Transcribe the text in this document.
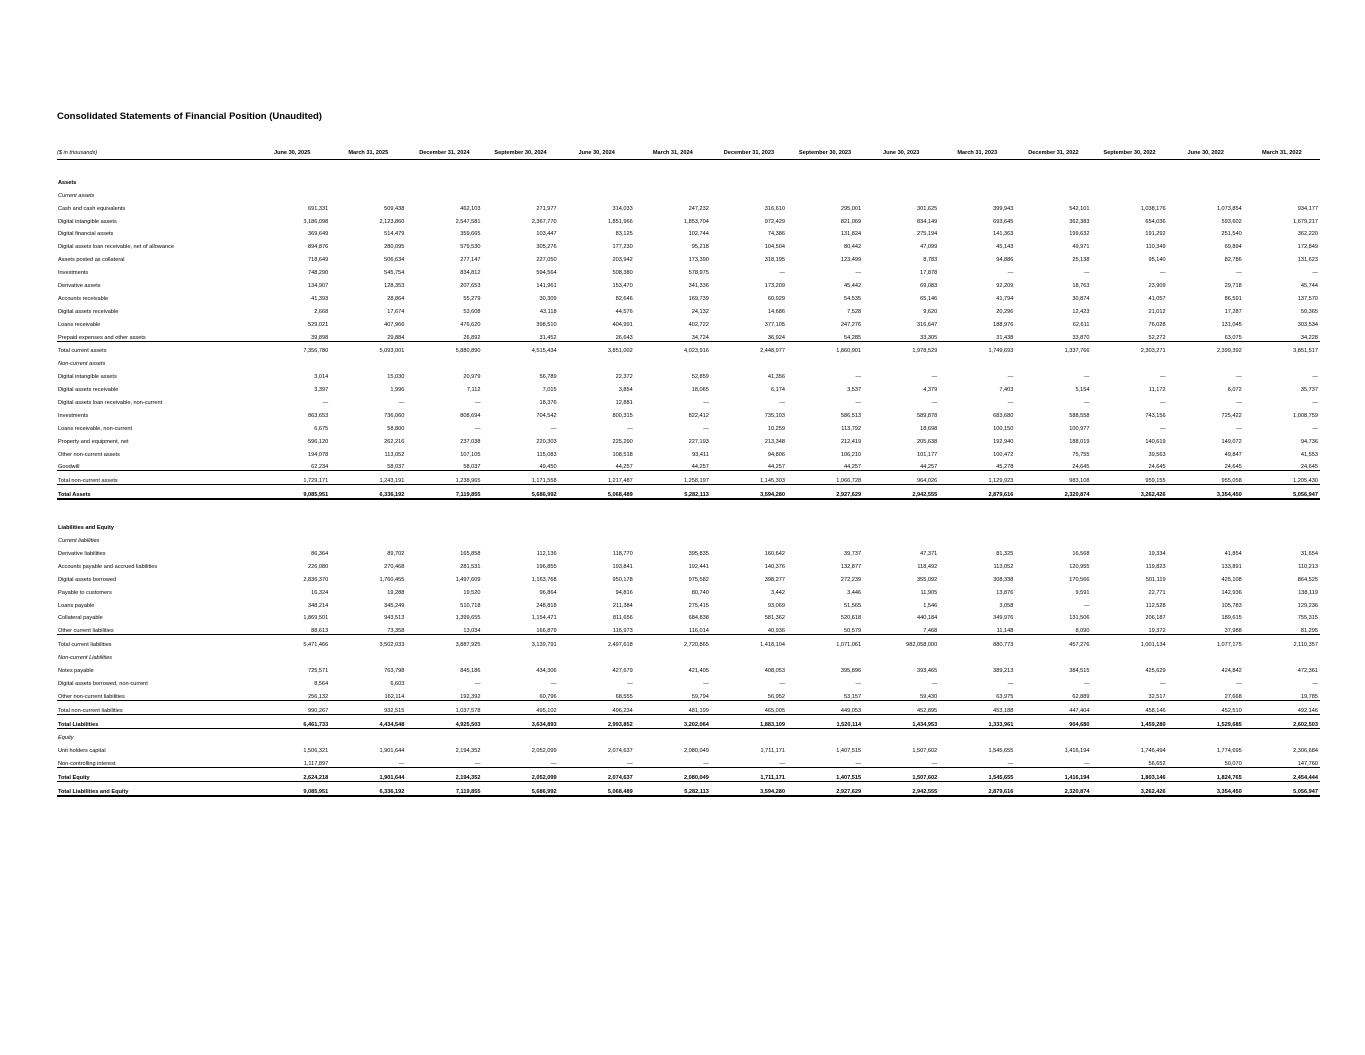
Consolidated Statements of Financial Position (Unaudited)
($ in thousands)	June 30, 2025	March 31, 2025	December 31, 2024	September 30, 2024	June 30, 2024	March 31, 2024	December 31, 2023	September 30, 2023	June 30, 2023	March 31, 2023	December 31, 2022	September 30, 2022	June 30, 2022	March 31, 2022

Assets														
Current assets														
Cash and cash equivalents	691,331	509,438	462,103	271,977	314,033	247,232	316,610	295,001	301,625	399,943	542,101	1,038,176	1,073,854	934,177
Digital intangible assets	3,186,098	2,123,860	2,547,581	2,367,770	1,851,966	1,853,704	972,429	821,069	834,149	693,645	362,383	654,036	593,602	1,679,217
Digital financial assets	369,649	514,479	359,665	103,447	83,125	102,744	74,386	131,824	275,194	141,363	199,632	191,292	251,540	362,220
Digital assets loan receivable, net of allowance	894,876	280,095	579,530	305,276	177,230	95,218	104,504	80,442	47,099	45,143	49,971	110,349	69,894	172,849
Assets posted as collateral	718,649	506,634	277,147	227,050	203,942	173,390	318,195	123,499	8,783	94,886	25,138	95,140	82,786	131,623
Investments	748,290	545,754	834,812	594,564	508,380	578,975	—	—	17,878	—	—	—	—	—
Derivative assets	134,907	128,353	207,653	141,961	153,470	341,336	173,209	45,442	69,083	92,209	18,763	23,909	29,718	45,744
Accounts receivable	41,393	28,864	55,279	30,309	82,646	169,739	60,929	54,535	65,146	41,794	30,874	41,057	86,591	137,570
Digital assets receivable	2,668	17,674	53,608	43,118	44,576	24,132	14,686	7,528	9,620	20,296	12,423	21,012	17,287	50,365
Loans receivable	529,021	407,966	476,620	398,510	404,991	402,722	377,105	247,276	316,647	188,976	62,611	76,028	131,045	303,534
Prepaid expenses and other assets	39,898	29,884	26,892	31,452	26,643	34,724	36,924	54,285	33,305	31,438	33,870	52,272	63,075	34,228
Total current assets	7,356,780	5,093,001	5,880,890	4,515,434	3,851,002	4,023,916	2,448,977	1,860,901	1,978,529	1,749,693	1,337,766	2,303,271	2,399,392	3,851,517
Non-current assets														
Digital intangible assets	3,014	15,030	20,979	56,789	22,372	52,859	41,356	—	—	—	—	—	—	—
Digital assets receivable	3,397	1,996	7,112	7,015	3,854	18,065	6,174	3,537	4,379	7,403	5,154	11,172	6,072	35,737
Digital assets loan receivable, non-current	—	—	—	18,376	12,881	—	—	—	—	—	—	—	—	—
Investments	863,653	736,060	808,694	704,542	800,315	822,412	735,103	586,513	589,878	683,680	588,558	743,156	725,422	1,008,759
Loans receivable, non-current	6,675	58,800	—	—	—	—	10,259	113,792	18,698	100,150	100,977	—	—	—
Property and equipment, net	596,120	262,216	237,038	220,303	225,290	227,193	213,348	212,419	205,638	192,940	188,019	140,619	149,072	94,736
Other non-current assets	194,078	113,052	107,105	115,083	108,518	93,411	94,806	106,210	101,177	100,472	75,755	39,563	49,847	41,553
Goodwill	62,234	58,037	58,037	49,450	44,257	44,257	44,257	44,257	44,257	45,278	24,645	24,645	24,645	24,645
Total non-current assets	1,729,171	1,243,191	1,238,965	1,171,558	1,217,487	1,258,197	1,145,303	1,066,728	964,026	1,129,923	983,108	959,155	955,058	1,205,430
Total Assets	9,085,951	6,336,192	7,119,855	5,686,992	5,068,489	5,282,113	3,594,280	2,927,629	2,942,555	2,879,616	2,320,874	3,262,426	3,354,450	5,056,947

Liabilities and Equity														
Current liabilities														
Derivative liabilities	86,364	89,702	165,858	112,136	118,770	395,835	160,642	39,737	47,371	81,325	16,568	19,334	41,854	31,654
Accounts payable and accrued liabilities	226,080	270,468	281,531	196,855	193,841	192,441	140,376	132,877	118,492	113,052	120,955	119,823	133,891	110,213
Digital assets borrowed	2,836,370	1,760,455	1,497,609	1,163,768	950,178	975,582	398,277	272,239	355,092	308,338	170,566	501,119	425,108	864,525
Payable to customers	16,324	19,288	19,520	96,864	94,816	80,740	3,442	3,446	11,905	13,876	9,591	22,771	142,936	138,119
Loans payable	348,214	345,249	510,718	248,818	211,384	275,415	93,069	51,565	1,546	3,058	—	112,528	105,783	129,236
Collateral payable	1,869,501	943,513	1,399,655	1,154,471	811,656	684,838	581,362	520,618	440,184	349,976	131,506	206,187	189,615	755,315
Other current liabilities	88,613	73,358	13,034	166,879	116,973	116,014	40,936	50,579	7,468	11,148	8,090	19,372	37,988	81,295
Total current liabilities	5,471,466	3,502,033	3,887,925	3,139,791	2,497,618	2,720,865	1,418,104	1,071,061	982,058,000	880,773	457,276	1,001,134	1,077,175	2,110,357
Non-current Liabilities														
Notes payable	725,571	763,798	845,186	434,306	427,679	421,405	408,053	395,896	393,465	389,213	384,515	425,629	424,842	472,361
Digital assets borrowed, non-current	8,564	6,603	—	—	—	—	—	—	—	—	—	—	—	—
Other non-current liabilities	256,132	162,114	192,392	60,796	68,555	59,794	56,952	53,157	59,430	63,975	62,889	32,517	27,668	19,785
Total non-current liabilities	990,267	932,515	1,037,578	495,102	496,234	481,199	465,005	449,053	452,895	453,188	447,404	458,146	452,510	492,146
Total Liabilities	6,461,733	4,434,548	4,925,503	3,634,893	2,993,852	3,202,064	1,883,109	1,520,114	1,434,953	1,333,961	904,680	1,459,280	1,529,685	2,602,503
Equity														
Unit holders capital	1,506,321	1,901,644	2,194,352	2,052,099	2,074,637	2,080,049	1,711,171	1,407,515	1,507,602	1,545,655	1,416,194	1,746,494	1,774,695	2,306,684
Non-controlling interest	1,117,897	—	—	—	—	—	—	—	—	—	—	56,652	50,070	147,760
Total Equity	2,624,218	1,901,644	2,194,352	2,052,099	2,074,637	2,080,049	1,711,171	1,407,515	1,507,602	1,545,655	1,416,194	1,803,146	1,824,765	2,454,444
Total Liabilities and Equity	9,085,951	6,336,192	7,119,855	5,686,992	5,068,489	5,282,113	3,594,280	2,927,629	2,942,555	2,879,616	2,320,874	3,262,426	3,354,450	5,056,947
